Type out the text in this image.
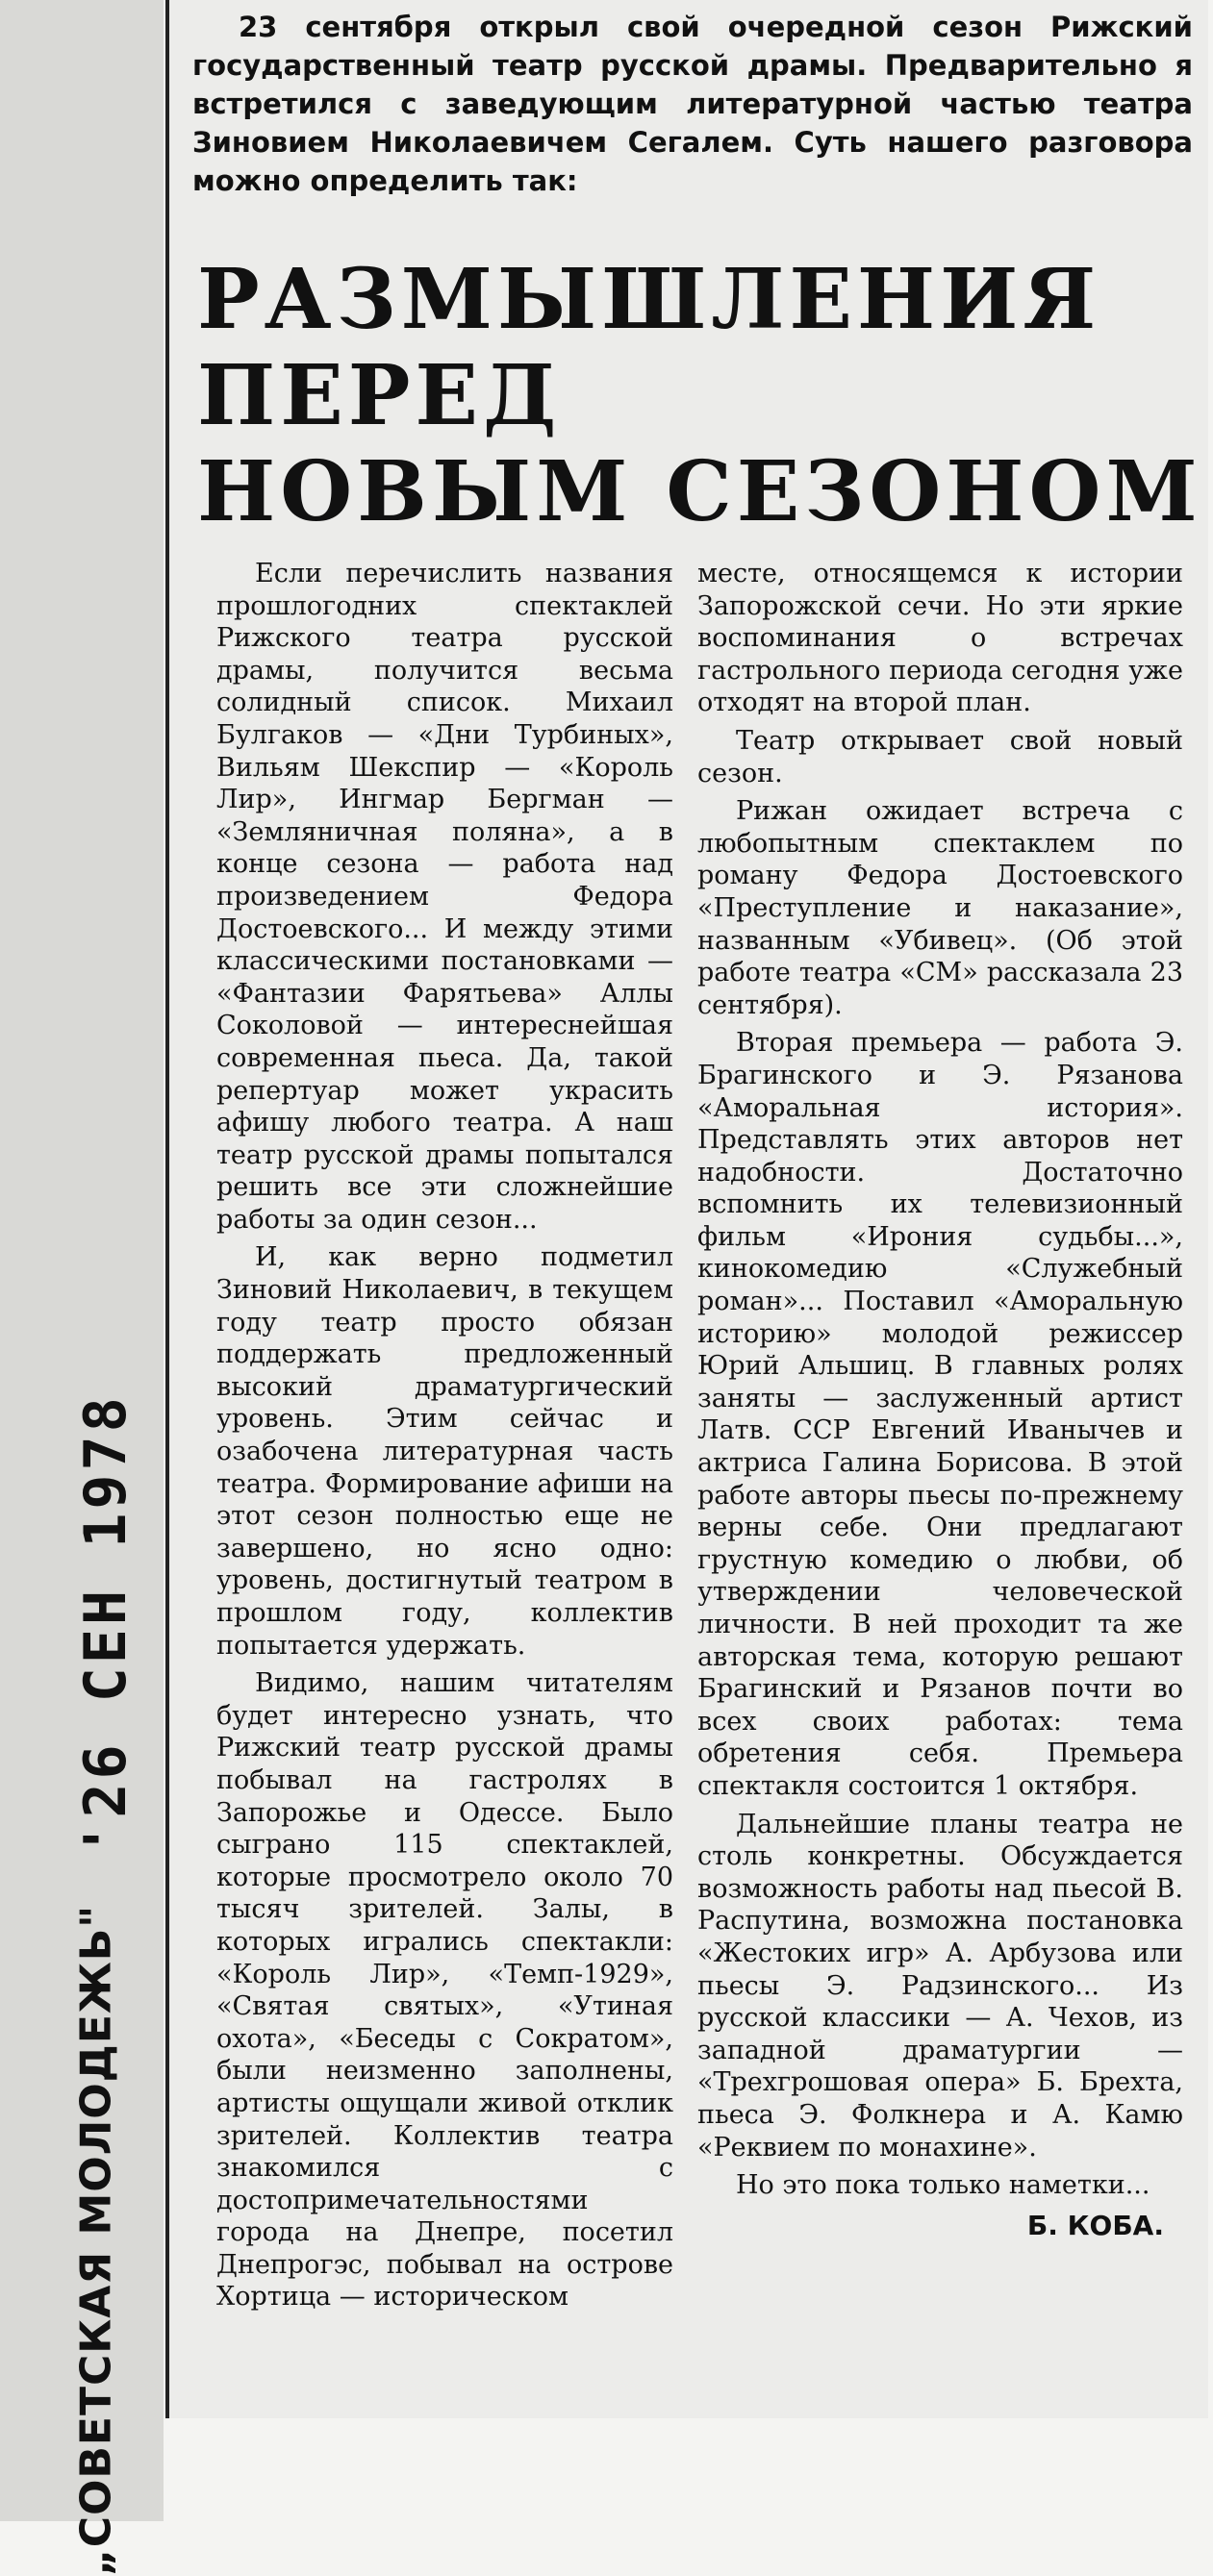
'26 СЕН 1978
„СОВЕТСКАЯ МОЛОДЕЖЬ"
23 сентября открыл свой очередной сезон Рижский государственный театр русской драмы. Предварительно я встретился с заведующим литературной частью театра Зиновием Николаевичем Сегалем. Суть нашего разговора можно определить так:
РАЗМЫШЛЕНИЯ
ПЕРЕД
НОВЫМ СЕЗОНОМ

Если перечислить названия прошлогодних спектаклей Рижского театра русской драмы, получится весьма солидный список. Михаил Булгаков — «Дни Турбиных», Вильям Шекспир — «Король Лир», Ингмар Бергман — «Земляничная поляна», а в конце сезона — работа над произведением Федора Достоевского... И между этими классическими постановками — «Фантазии Фарятьева» Аллы Соколовой — интереснейшая современная пьеса. Да, такой репертуар может украсить афишу любого театра. А наш театр русской драмы попытался решить все эти сложнейшие работы за один сезон...

И, как верно подметил Зиновий Николаевич, в текущем году театр просто обязан поддержать предложенный высокий драматургический уровень. Этим сейчас и озабочена литературная часть театра. Формирование афиши на этот сезон полностью еще не завершено, но ясно одно: уровень, достигнутый театром в прошлом году, коллектив попытается удержать.

Видимо, нашим читателям будет интересно узнать, что Рижский театр русской драмы побывал на гастролях в Запорожье и Одессе. Было сыграно 115 спектаклей, которые просмотрело около 70 тысяч зрителей. Залы, в которых игрались спектакли: «Король Лир», «Темп-1929», «Святая святых», «Утиная охота», «Беседы с Сократом», были неизменно заполнены, артисты ощущали живой отклик зрителей. Коллектив театра знакомился с достопримечательностями города на Днепре, посетил Днепрогэс, побывал на острове Хортица — историческом

месте, относящемся к истории Запорожской сечи. Но эти яркие воспоминания о встречах гастрольного периода сегодня уже отходят на второй план.

Театр открывает свой новый сезон.

Рижан ожидает встреча с любопытным спектаклем по роману Федора Достоевского «Преступление и наказание», названным «Убивец». (Об этой работе театра «СМ» рассказала 23 сентября).

Вторая премьера — работа Э. Брагинского и Э. Рязанова «Аморальная история». Представлять этих авторов нет надобности. Достаточно вспомнить их телевизионный фильм «Ирония судьбы...», кинокомедию «Служебный роман»... Поставил «Аморальную историю» молодой режиссер Юрий Альшиц. В главных ролях заняты — заслуженный артист Латв. ССР Евгений Иванычев и актриса Галина Борисова. В этой работе авторы пьесы по-прежнему верны себе. Они предлагают грустную комедию о любви, об утверждении человеческой личности. В ней проходит та же авторская тема, которую решают Брагинский и Рязанов почти во всех своих работах: тема обретения себя. Премьера спектакля состоится 1 октября.

Дальнейшие планы театра не столь конкретны. Обсуждается возможность работы над пьесой В. Распутина, возможна постановка «Жестоких игр» А. Арбузова или пьесы Э. Радзинского... Из русской классики — А. Чехов, из западной драматургии — «Трехгрошовая опера» Б. Брехта, пьеса Э. Фолкнера и А. Камю «Реквием по монахине».

Но это пока только наметки...

Б. КОБА.
